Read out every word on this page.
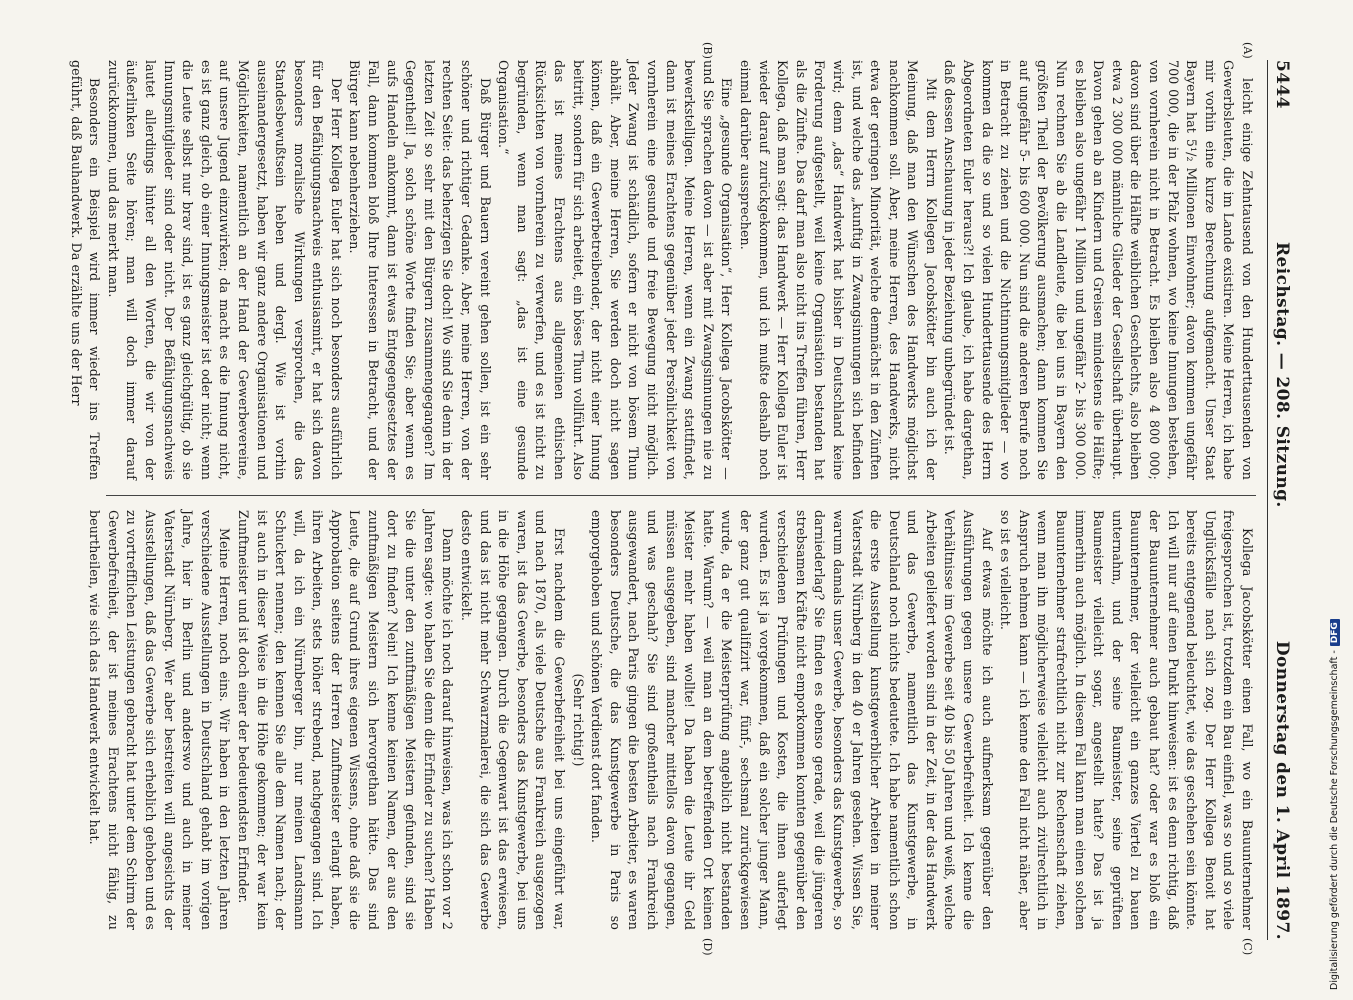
5444
Reichstag. — 208. Sitzung.
Donnerstag den 1. April 1897.
(A)
(B)

leicht einige Zehntausend von den Hunderttausenden von Gewerbsleuten, die im Lande existiren. Meine Herren, ich habe mir vorhin eine kurze Berechnung aufgemacht. Unser Staat Bayern hat 5¹/₂ Millionen Einwohner; davon kommen ungefähr 700 000, die in der Pfalz wohnen, wo keine Innungen bestehen, von vornherein nicht in Betracht. Es bleiben also 4 800 000; davon sind über die Hälfte weiblichen Geschlechts, also bleiben etwa 2 300 000 männliche Glieder der Gesellschaft überhaupt. Davon gehen ab an Kindern und Greisen mindestens die Hälfte; es bleiben also ungefähr 1 Million und ungefähr 2- bis 300 000. Nun rechnen Sie ab die Landleute, die bei uns in Bayern den größten Theil der Bevölkerung ausmachen; dann kommen Sie auf ungefähr 5- bis 600 000. Nun sind die anderen Berufe noch in Betracht zu ziehen und die Nichtinnungsmitglieder — wo kommen da die so und so vielen Hunderttausende des Herrn Abgeordneten Euler heraus?! Ich glaube, ich habe dargethan, daß dessen Anschauung in jeder Beziehung unbegründet ist.

Mit dem Herrn Kollegen Jacobskötter bin auch ich der Meinung, daß man den Wünschen des Handwerks möglichst nachkommen soll. Aber, meine Herren, des Handwerks, nicht etwa der geringen Minorität, welche demnächst in den Zünften ist, und welche das „kunftig in Zwangsinnungen sich befinden wird; denn „das“ Handwerk hat bisher in Deutschland keine Forderung aufgestellt, weil keine Organisation bestanden hat als die Zünfte. Das darf man also nicht ins Treffen führen, Herr Kollega, daß man sagt: das Handwerk — Herr Kollega Euler ist wieder darauf zurückgekommen, und ich mußte deshalb noch einmal darüber aussprechen.

Eine „gesunde Organisation“, Herr Kollega Jacobskötter — und Sie sprachen davon — ist aber mit Zwangsinnungen nie zu bewerkstelligen. Meine Herren, wenn ein Zwang stattfindet, dann ist meines Erachtens gegenüber jeder Persönlichkeit von vornherein eine gesunde und freie Bewegung nicht möglich. Jeder Zwang ist schädlich, sofern er nicht von bösem Thun abhält. Aber, meine Herren, Sie werden doch nicht sagen können, daß ein Gewerbetreibender, der nicht einer Innung beitritt, sondern für sich arbeitet, ein böses Thun vollführt. Also das ist meines Erachtens aus allgemeinen ethischen Rücksichten von vornherein zu verwerfen, und es ist nicht zu begründen, wenn man sagt: „das ist eine gesunde Organisation.“

Daß Bürger und Bauern vereint gehen sollen, ist ein sehr schöner und richtiger Gedanke. Aber, meine Herren, von der rechten Seite: das beherzigen Sie doch! Wo sind Sie denn in der letzten Zeit so sehr mit den Bürgern zusammengegangen? Im Gegentheil! Ja, solch schöne Worte finden Sie; aber wenn es aufs Handeln ankommt, dann ist etwas Entgegengesetztes der Fall, dann kommen bloß Ihre Interessen in Betracht, und der Bürger kann nebenherziehen.

Der Herr Kollega Euler hat sich noch besonders ausführlich für den Befähigungsnachweis enthusiasmirt, er hat sich davon besonders moralische Wirkungen versprochen, die das Standesbewußtsein heben und dergl. Wie ist vorhin auseinandergesetzt, haben wir ganz andere Organisationen und Möglichkeiten, namentlich an der Hand der Gewerbevereine, auf unsere Jugend einzuwirken; da macht es die Innung nicht, es ist ganz gleich, ob einer Innungsmeister ist oder nicht; wenn die Leute selbst nur brav sind, ist es ganz gleichgültig, ob sie Innungsmitglieder sind oder nicht. Der Befähigungsnachweis lautet allerdings hinter all den Worten, die wir von der äußerlinken Seite hören; man will doch immer darauf zurückkommen, und das merkt man.

Besonders ein Beispiel wird immer wieder ins Treffen geführt, daß Bauhandwerk. Da erzählte uns der Herr

(C)
(D)

Kollega Jacobskötter einen Fall, wo ein Bauunternehmer freigesprochen ist, trotzdem ein Bau einfiel, was so und so viele Unglücksfälle nach sich zog. Der Herr Kollega Benoit hat bereits entgegnend beleuchtet, wie das geschehen sein könnte. Ich will nur auf einen Punkt hinweisen: ist es denn richtig, daß der Bauunternehmer auch gebaut hat? oder war es bloß ein Bauunternehmer, der vielleicht ein ganzes Viertel zu bauen unternahm, und der seine Baumeister, seine geprüften Baumeister vielleicht sogar, angestellt hatte? Das ist ja immerhin auch möglich. In diesem Fall kann man einen solchen Bauunternehmer strafrechtlich nicht zur Rechenschaft ziehen, wenn man ihn möglicherweise vielleicht auch zivilrechtlich in Anspruch nehmen kann — ich kenne den Fall nicht näher, aber so ist es vielleicht.

Auf etwas möchte ich auch aufmerksam gegenüber den Ausführungen gegen unsere Gewerbefreiheit. Ich kenne die Verhältnisse im Gewerbe seit 40 bis 50 Jahren und weiß, welche Arbeiten geliefert worden sind in der Zeit, in der das Handwerk und das Gewerbe, namentlich das Kunstgewerbe, in Deutschland noch nichts bedeutete. Ich habe namentlich schon die erste Ausstellung kunstgewerblicher Arbeiten in meiner Vaterstadt Nürnberg in den 40 er Jahren gesehen. Wissen Sie, warum damals unser Gewerbe, besonders das Kunstgewerbe, so darniederlag? Sie finden es ebenso gerade, weil die jüngeren strebsamen Kräfte nicht emporkommen konnten gegenüber den verschiedenen Prüfungen und Kosten, die ihnen auferlegt wurden. Es ist ja vorgekommen, daß ein solcher junger Mann, der ganz gut qualifizirt war, fünf-, sechsmal zurückgewiesen wurde, da er die Meisterprüfung angeblich nicht bestanden hatte. Warum? — weil man an dem betreffenden Ort keinen Meister mehr haben wollte! Da haben die Leute ihr Geld müssen ausgegeben, sind mancher mittellos davon gegangen, und was geschah? Sie sind großentheils nach Frankreich ausgewandert, nach Paris gingen die besten Arbeiter, es waren besonders Deutsche, die das Kunstgewerbe in Paris so emporgehoben und schönen Verdienst dort fanden.

(Sehr richtig!)

Erst nachdem die Gewerbefreiheit bei uns eingeführt war, und nach 1870, als viele Deutsche aus Frankreich ausgezogen waren, ist das Gewerbe, besonders das Kunstgewerbe, bei uns in die Höhe gegangen. Durch die Gegenwart ist das erwiesen, und das ist nicht mehr Schwarzmalerei, die sich das Gewerbe desto entwickelt.

Dann möchte ich noch darauf hinweisen, was ich schon vor 2 Jahren sagte: wo haben Sie denn die Erfinder zu suchen? Haben Sie die unter den zunftmäßigen Meistern gefunden, sind sie dort zu finden? Nein! Ich kenne keinen Namen, der aus den zunftmäßigen Meistern sich hervorgethan hätte. Das sind Leute, die auf Grund ihres eigenen Wissens, ohne daß sie die Approbation seitens der Herren Zunftmeister erlangt haben, ihren Arbeiten, stets höher strebend, nachgegangen sind. Ich will, da ich ein Nürnberger bin, nur meinen Landsmann Schuckert nennen; den kennen Sie alle dem Namen nach; der ist auch in dieser Weise in die Höhe gekommen; der war kein Zunftmeister und ist doch einer der bedeutendsten Erfinder.

Meine Herren, noch eins. Wir haben in den letzten Jahren verschiedene Ausstellungen in Deutschland gehabt im vorigen Jahre, hier in Berlin und anderswo und auch in meiner Vaterstadt Nürnberg. Wer aber bestreiten will angesichts der Ausstellungen, daß das Gewerbe sich erheblich gehoben und es zu vortrefflichen Leistungen gebracht hat unter dem Schirm der Gewerbefreiheit, der ist meines Erachtens nicht fähig, zu beurtheilen, wie sich das Handwerk entwickelt hat.	Digitalisierung gefördert durch die Deutsche Forschungsgemeinschaft -
DFG
